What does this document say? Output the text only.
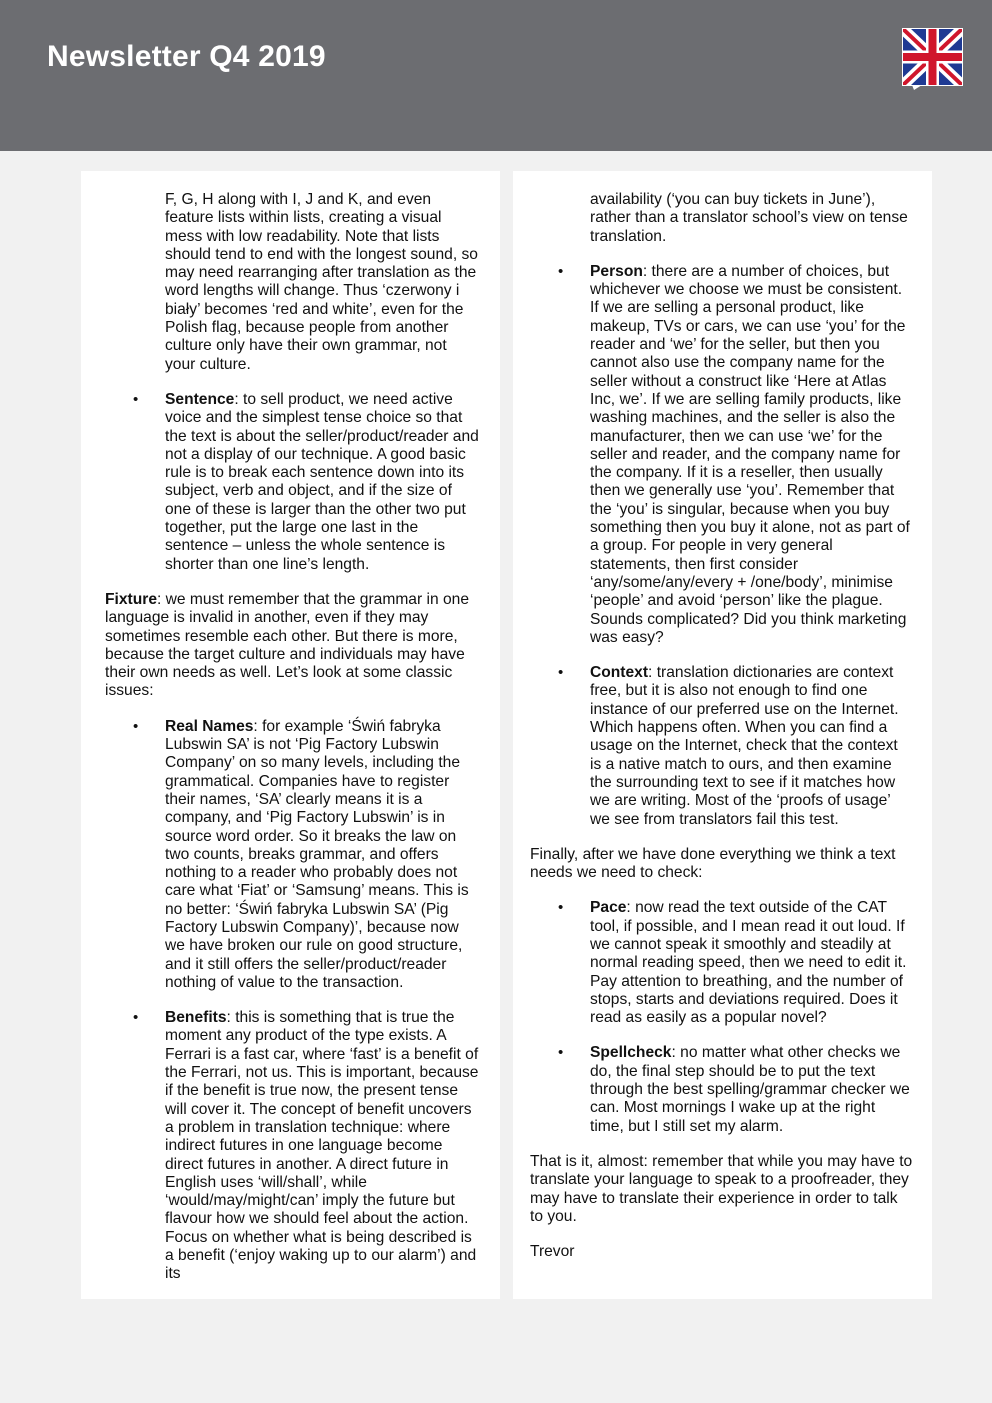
Newsletter Q4 2019
F, G, H along with I, J and K, and even feature lists within lists, creating a visual mess with low readability. Note that lists should tend to end with the longest sound, so may need rearranging after translation as the word lengths will change. Thus ‘czerwony i biały’ becomes ‘red and white’, even for the Polish flag, because people from another culture only have their own grammar, not your culture.
• Sentence: to sell product, we need active voice and the simplest tense choice so that the text is about the seller/product/reader and not a display of our technique. A good basic rule is to break each sentence down into its subject, verb and object, and if the size of one of these is larger than the other two put together, put the large one last in the sentence – unless the whole sentence is shorter than one line’s length.

Fixture: we must remember that the grammar in one language is invalid in another, even if they may sometimes resemble each other. But there is more, because the target culture and individuals may have their own needs as well. Let’s look at some classic issues:

• Real Names: for example ‘Świń fabryka Lubswin SA’ is not ‘Pig Factory Lubswin Company’ on so many levels, including the grammatical. Companies have to register their names, ‘SA’ clearly means it is a company, and ‘Pig Factory Lubswin’ is in source word order. So it breaks the law on two counts, breaks grammar, and offers nothing to a reader who probably does not care what ‘Fiat’ or ‘Samsung’ means. This is no better: ‘Świń fabryka Lubswin SA’ (Pig Factory Lubswin Company)’, because now we have broken our rule on good structure, and it still offers the seller/product/reader nothing of value to the transaction.
• Benefits: this is something that is true the moment any product of the type exists. A Ferrari is a fast car, where ‘fast’ is a benefit of the Ferrari, not us. This is important, because if the benefit is true now, the present tense will cover it. The concept of benefit uncovers a problem in translation technique: where indirect futures in one language become direct futures in another. A direct future in English uses ‘will/shall’, while ‘would/may/might/can’ imply the future but flavour how we should feel about the action. Focus on whether what is being described is a benefit (‘enjoy waking up to our alarm’) and its
availability (‘you can buy tickets in June’), rather than a translator school’s view on tense translation.
• Person: there are a number of choices, but whichever we choose we must be consistent. If we are selling a personal product, like makeup, TVs or cars, we can use ‘you’ for the reader and ‘we’ for the seller, but then you cannot also use the company name for the seller without a construct like ‘Here at Atlas Inc, we’. If we are selling family products, like washing machines, and the seller is also the manufacturer, then we can use ‘we’ for the seller and reader, and the company name for the company. If it is a reseller, then usually then we generally use ‘you’. Remember that the ‘you’ is singular, because when you buy something then you buy it alone, not as part of a group. For people in very general statements, then first consider ‘any/some/any/every + /one/body’, minimise ‘people’ and avoid ‘person’ like the plague. Sounds complicated? Did you think marketing was easy?
• Context: translation dictionaries are context free, but it is also not enough to find one instance of our preferred use on the Internet. Which happens often. When you can find a usage on the Internet, check that the context is a native match to ours, and then examine the surrounding text to see if it matches how we are writing. Most of the ‘proofs of usage’ we see from translators fail this test.

Finally, after we have done everything we think a text needs we need to check:

• Pace: now read the text outside of the CAT tool, if possible, and I mean read it out loud. If we cannot speak it smoothly and steadily at normal reading speed, then we need to edit it. Pay attention to breathing, and the number of stops, starts and deviations required. Does it read as easily as a popular novel?
• Spellcheck: no matter what other checks we do, the final step should be to put the text through the best spelling/grammar checker we can. Most mornings I wake up at the right time, but I still set my alarm.

That is it, almost: remember that while you may have to translate your language to speak to a proofreader, they may have to translate their experience in order to talk to you.

Trevor
